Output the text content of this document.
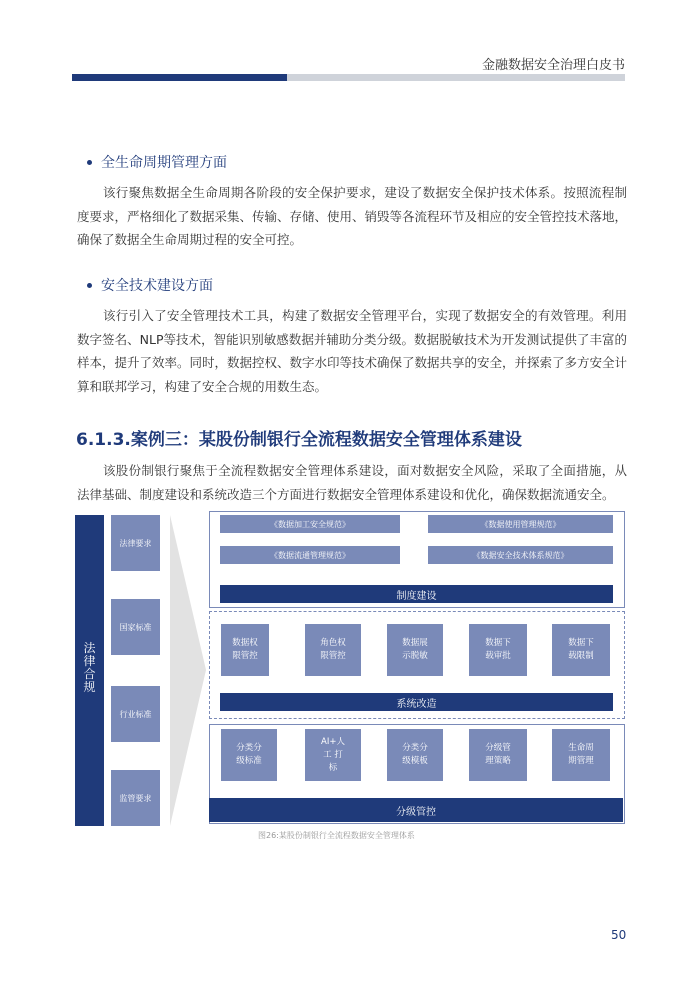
金融数据安全治理白皮书
全生命周期管理方面
该行聚焦数据全生命周期各阶段的安全保护要求，建设了数据安全保护技术体系。按照流程制度要求，严格细化了数据采集、传输、存储、使用、销毁等各流程环节及相应的安全管控技术落地，确保了数据全生命周期过程的安全可控。
安全技术建设方面
该行引入了安全管理技术工具，构建了数据安全管理平台，实现了数据安全的有效管理。利用数字签名、NLP等技术，智能识别敏感数据并辅助分类分级。数据脱敏技术为开发测试提供了丰富的样本，提升了效率。同时，数据控权、数字水印等技术确保了数据共享的安全，并探索了多方安全计算和联邦学习，构建了安全合规的用数生态。
6.1.3.案例三：某股份制银行全流程数据安全管理体系建设
该股份制银行聚焦于全流程数据安全管理体系建设，面对数据安全风险，采取了全面措施，从法律基础、制度建设和系统改造三个方面进行数据安全管理体系建设和优化，确保数据流通安全。
法
律
合
规
法律要求
国家标准
行业标准
监管要求
《数据加工安全规范》	《数据使用管理规范》
《数据流通管理规范》	《数据安全技术体系规范》
制度建设
数据权
限管控
角色权
限管控
数据展
示脱敏
数据下
载审批
数据下
载限制
系统改造
分类分
级标准
AI+人
工 打
标
分类分
级模板
分级管
理策略
生命周
期管理
分级管控
图26:某股份制银行全流程数据安全管理体系
50
